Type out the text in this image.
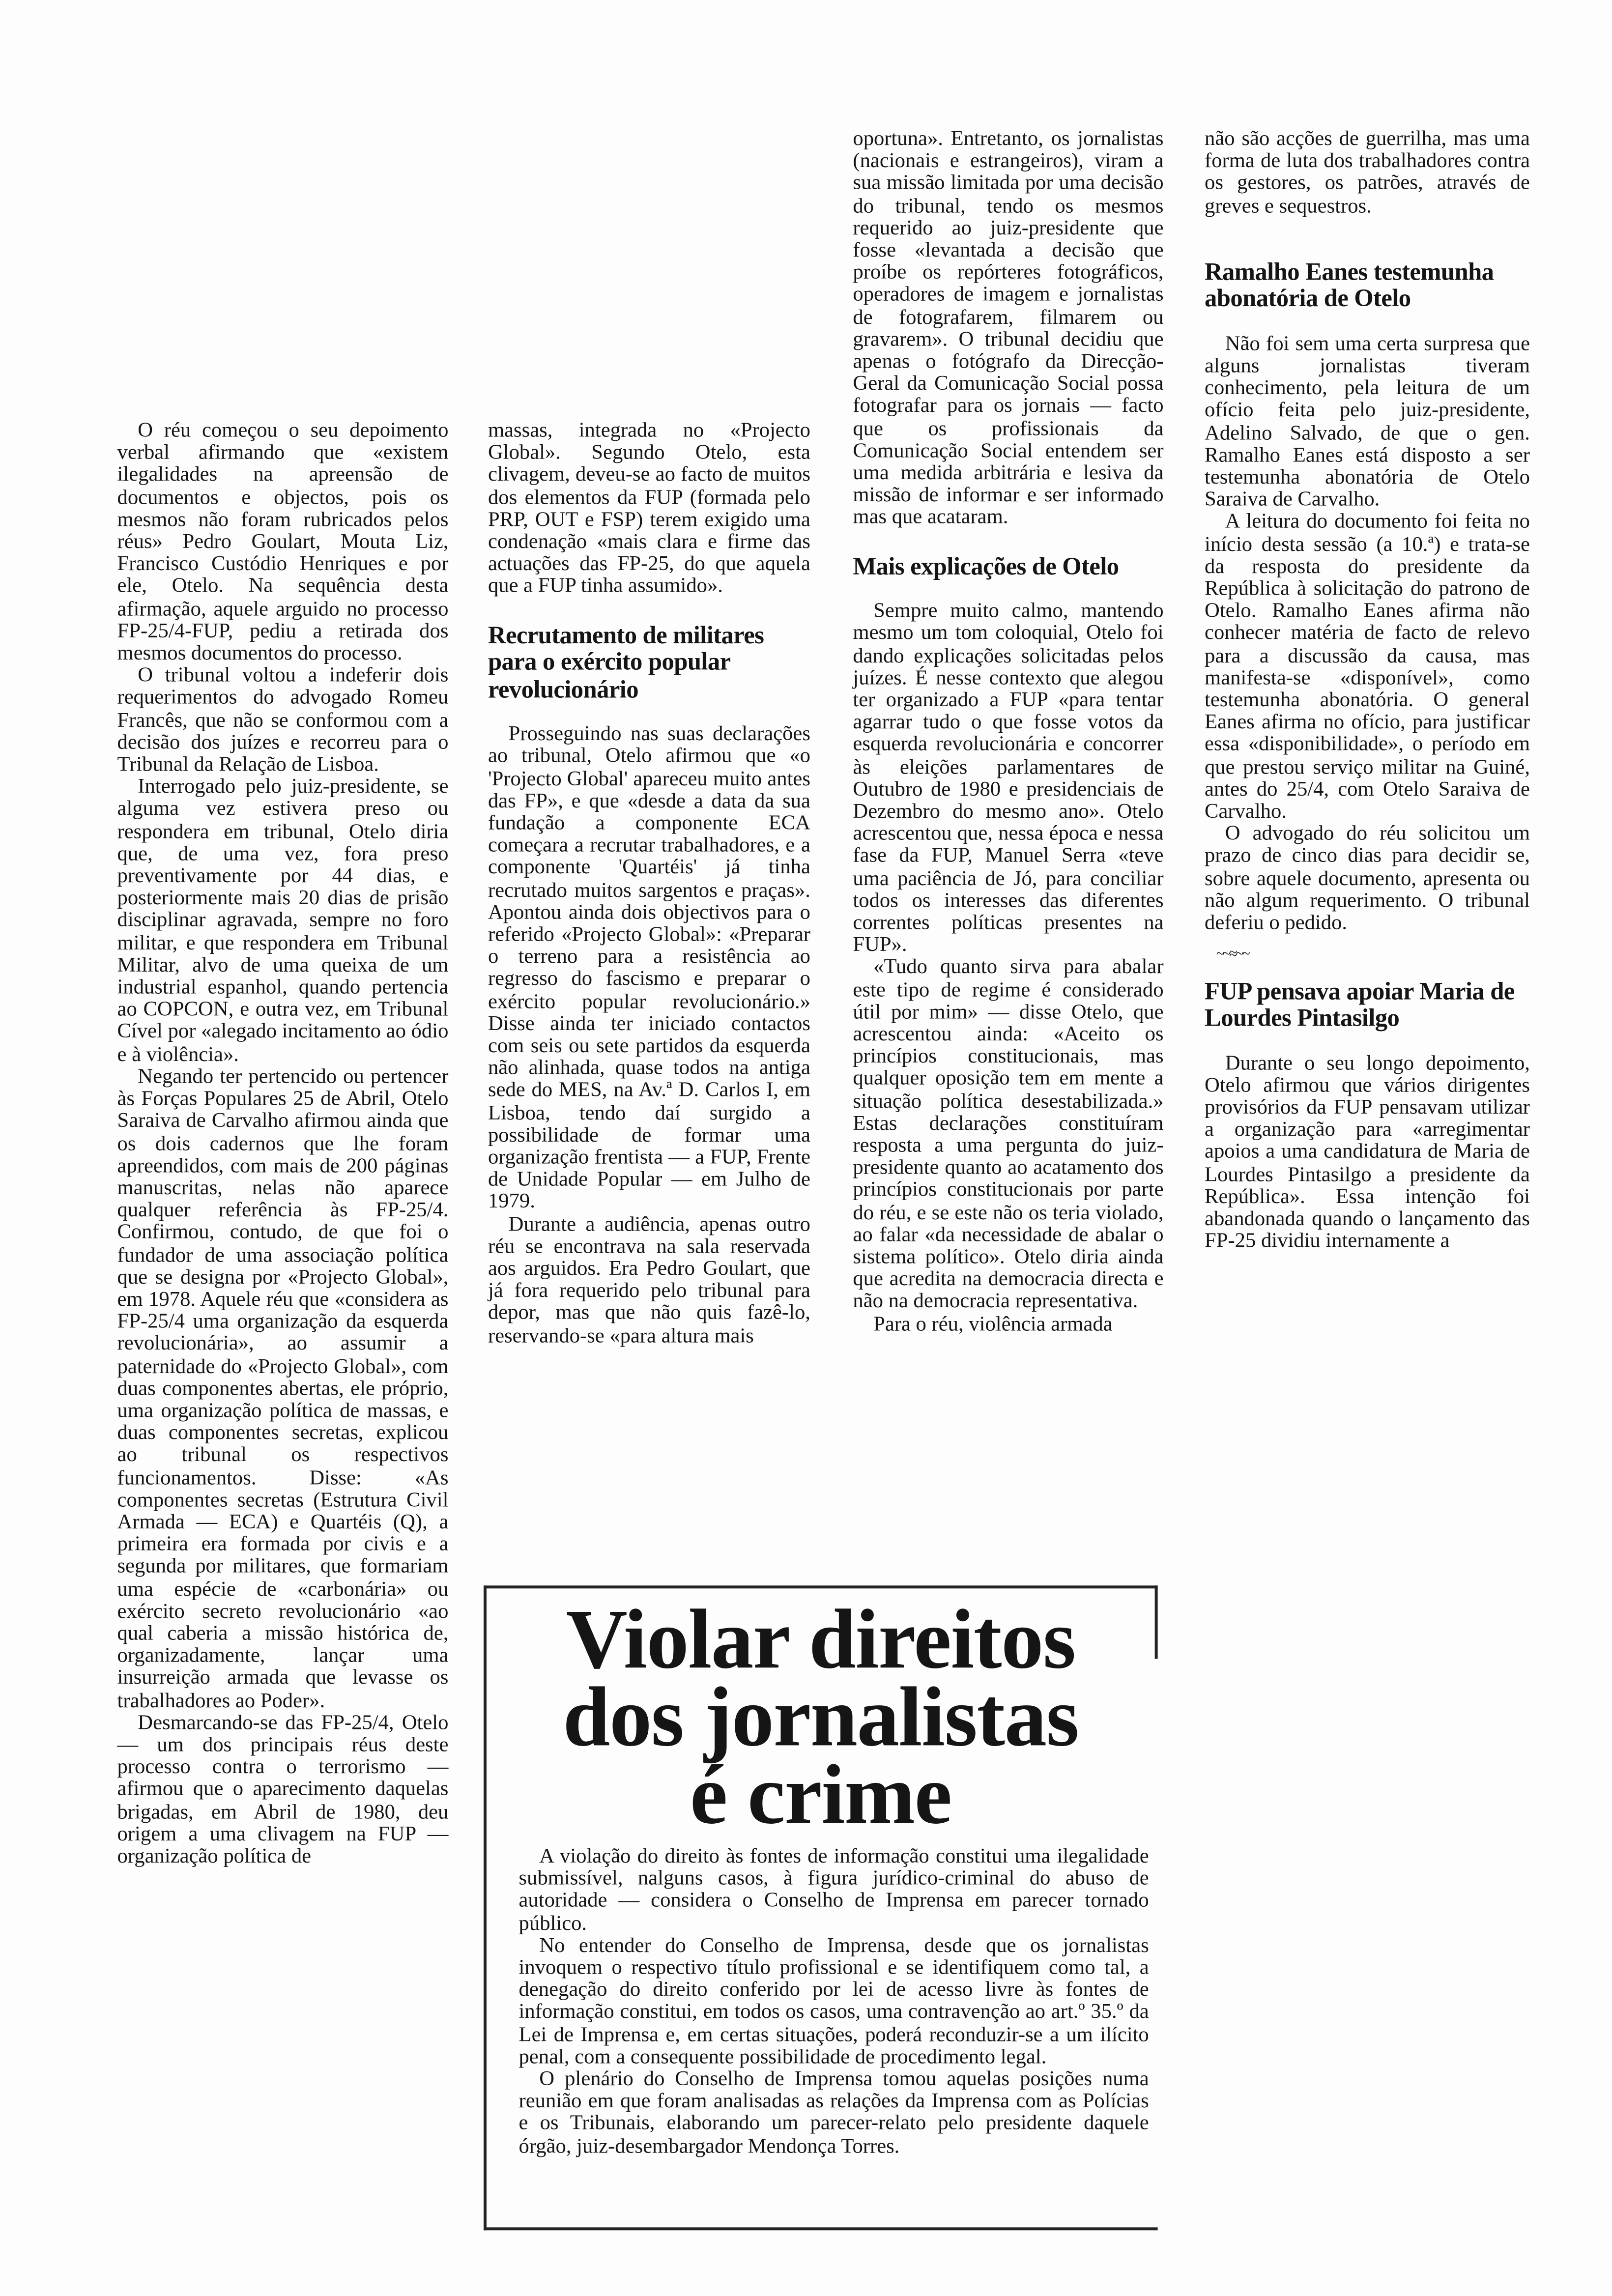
O réu começou o seu depoimento verbal afirmando que «existem ilegalidades na apreensão de documentos e objectos, pois os mesmos não foram rubricados pelos réus» Pedro Goulart, Mouta Liz, Francisco Custódio Henriques e por ele, Otelo. Na sequência desta afirmação, aquele arguido no processo FP-25/4-FUP, pediu a retirada dos mesmos documentos do processo.

O tribunal voltou a indeferir dois requerimentos do advogado Romeu Francês, que não se conformou com a decisão dos juízes e recorreu para o Tribunal da Relação de Lisboa.

Interrogado pelo juiz-presidente, se alguma vez estivera preso ou respondera em tribunal, Otelo diria que, de uma vez, fora preso preventivamente por 44 dias, e posteriormente mais 20 dias de prisão disciplinar agravada, sempre no foro militar, e que respondera em Tribunal Militar, alvo de uma queixa de um industrial espanhol, quando pertencia ao COPCON, e outra vez, em Tribunal Cível por «alegado incitamento ao ódio e à violência».

Negando ter pertencido ou pertencer às Forças Populares 25 de Abril, Otelo Saraiva de Carvalho afirmou ainda que os dois cadernos que lhe foram apreendidos, com mais de 200 páginas manuscritas, nelas não aparece qualquer referência às FP-25/4. Confirmou, contudo, de que foi o fundador de uma associação política que se designa por «Projecto Global», em 1978. Aquele réu que «considera as FP-25/4 uma organização da esquerda revolucionária», ao assumir a paternidade do «Projecto Global», com duas componentes abertas, ele próprio, uma organização política de massas, e duas componentes secretas, explicou ao tribunal os respectivos funcionamentos. Disse: «As componentes secretas (Estrutura Civil Armada — ECA) e Quartéis (Q), a primeira era formada por civis e a segunda por militares, que formariam uma espécie de «carbonária» ou exército secreto revolucionário «ao qual caberia a missão histórica de, organizadamente, lançar uma insurreição armada que levasse os trabalhadores ao Poder».

Desmarcando-se das FP-25/4, Otelo — um dos principais réus deste processo contra o terrorismo — afirmou que o aparecimento daquelas brigadas, em Abril de 1980, deu origem a uma clivagem na FUP — organização política de

massas, integrada no «Projecto Global». Segundo Otelo, esta clivagem, deveu-se ao facto de muitos dos elementos da FUP (formada pelo PRP, OUT e FSP) terem exigido uma condenação «mais clara e firme das actuações das FP-25, do que aquela que a FUP tinha assumido».

Recrutamento de militares para o exército popular revolucionário

Prosseguindo nas suas declarações ao tribunal, Otelo afirmou que «o 'Projecto Global' apareceu muito antes das FP», e que «desde a data da sua fundação a componente ECA começara a recrutar trabalhadores, e a componente 'Quartéis' já tinha recrutado muitos sargentos e praças». Apontou ainda dois objectivos para o referido «Projecto Global»: «Preparar o terreno para a resistência ao regresso do fascismo e preparar o exército popular revolucionário.» Disse ainda ter iniciado contactos com seis ou sete partidos da esquerda não alinhada, quase todos na antiga sede do MES, na Av.ª D. Carlos I, em Lisboa, tendo daí surgido a possibilidade de formar uma organização frentista — a FUP, Frente de Unidade Popular — em Julho de 1979.

Durante a audiência, apenas outro réu se encontrava na sala reservada aos arguidos. Era Pedro Goulart, que já fora requerido pelo tribunal para depor, mas que não quis fazê-lo, reservando-se «para altura mais

oportuna». Entretanto, os jornalistas (nacionais e estrangeiros), viram a sua missão limitada por uma decisão do tribunal, tendo os mesmos requerido ao juiz-presidente que fosse «levantada a decisão que proíbe os repórteres fotográficos, operadores de imagem e jornalistas de fotografarem, filmarem ou gravarem». O tribunal decidiu que apenas o fotógrafo da Direcção-Geral da Comunicação Social possa fotografar para os jornais — facto que os profissionais da Comunicação Social entendem ser uma medida arbitrária e lesiva da missão de informar e ser informado mas que acataram.

Mais explicações de Otelo

Sempre muito calmo, mantendo mesmo um tom coloquial, Otelo foi dando explicações solicitadas pelos juízes. É nesse contexto que alegou ter organizado a FUP «para tentar agarrar tudo o que fosse votos da esquerda revolucionária e concorrer às eleições parlamentares de Outubro de 1980 e presidenciais de Dezembro do mesmo ano». Otelo acrescentou que, nessa época e nessa fase da FUP, Manuel Serra «teve uma paciência de Jó, para conciliar todos os interesses das diferentes correntes políticas presentes na FUP».

«Tudo quanto sirva para abalar este tipo de regime é considerado útil por mim» — disse Otelo, que acrescentou ainda: «Aceito os princípios constitucionais, mas qualquer oposição tem em mente a situação política desestabilizada.» Estas declarações constituíram resposta a uma pergunta do juiz-presidente quanto ao acatamento dos princípios constitucionais por parte do réu, e se este não os teria violado, ao falar «da necessidade de abalar o sistema político». Otelo diria ainda que acredita na democracia directa e não na democracia representativa.

Para o réu, violência armada

não são acções de guerrilha, mas uma forma de luta dos trabalhadores contra os gestores, os patrões, através de greves e sequestros.

Ramalho Eanes testemunha abonatória de Otelo

Não foi sem uma certa surpresa que alguns jornalistas tiveram conhecimento, pela leitura de um ofício feita pelo juiz-presidente, Adelino Salvado, de que o gen. Ramalho Eanes está disposto a ser testemunha abonatória de Otelo Saraiva de Carvalho.

A leitura do documento foi feita no início desta sessão (a 10.ª) e trata-se da resposta do presidente da República à solicitação do patrono de Otelo. Ramalho Eanes afirma não conhecer matéria de facto de relevo para a discussão da causa, mas manifesta-se «disponível», como testemunha abonatória. O general Eanes afirma no ofício, para justificar essa «disponibilidade», o período em que prestou serviço militar na Guiné, antes do 25/4, com Otelo Saraiva de Carvalho.

O advogado do réu solicitou um prazo de cinco dias para decidir se, sobre aquele documento, apresenta ou não algum requerimento. O tribunal deferiu o pedido.

~~≈~~
FUP pensava apoiar Maria de Lourdes Pintasilgo

Durante o seu longo depoimento, Otelo afirmou que vários dirigentes provisórios da FUP pensavam utilizar a organização para «arregimentar apoios a uma candidatura de Maria de Lourdes Pintasilgo a presidente da República». Essa intenção foi abandonada quando o lançamento das FP-25 dividiu internamente a

Violar direitos
dos jornalistas
é crime

A violação do direito às fontes de informação constitui uma ilegalidade submissível, nalguns casos, à figura jurídico-criminal do abuso de autoridade — considera o Conselho de Imprensa em parecer tornado público.

No entender do Conselho de Imprensa, desde que os jornalistas invoquem o respectivo título profissional e se identifiquem como tal, a denegação do direito conferido por lei de acesso livre às fontes de informação constitui, em todos os casos, uma contravenção ao art.º 35.º da Lei de Imprensa e, em certas situações, poderá reconduzir-se a um ilícito penal, com a consequente possibilidade de procedimento legal.

O plenário do Conselho de Imprensa tomou aquelas posições numa reunião em que foram analisadas as relações da Imprensa com as Polícias e os Tribunais, elaborando um parecer-relato pelo presidente daquele órgão, juiz-desembargador Mendonça Torres.
